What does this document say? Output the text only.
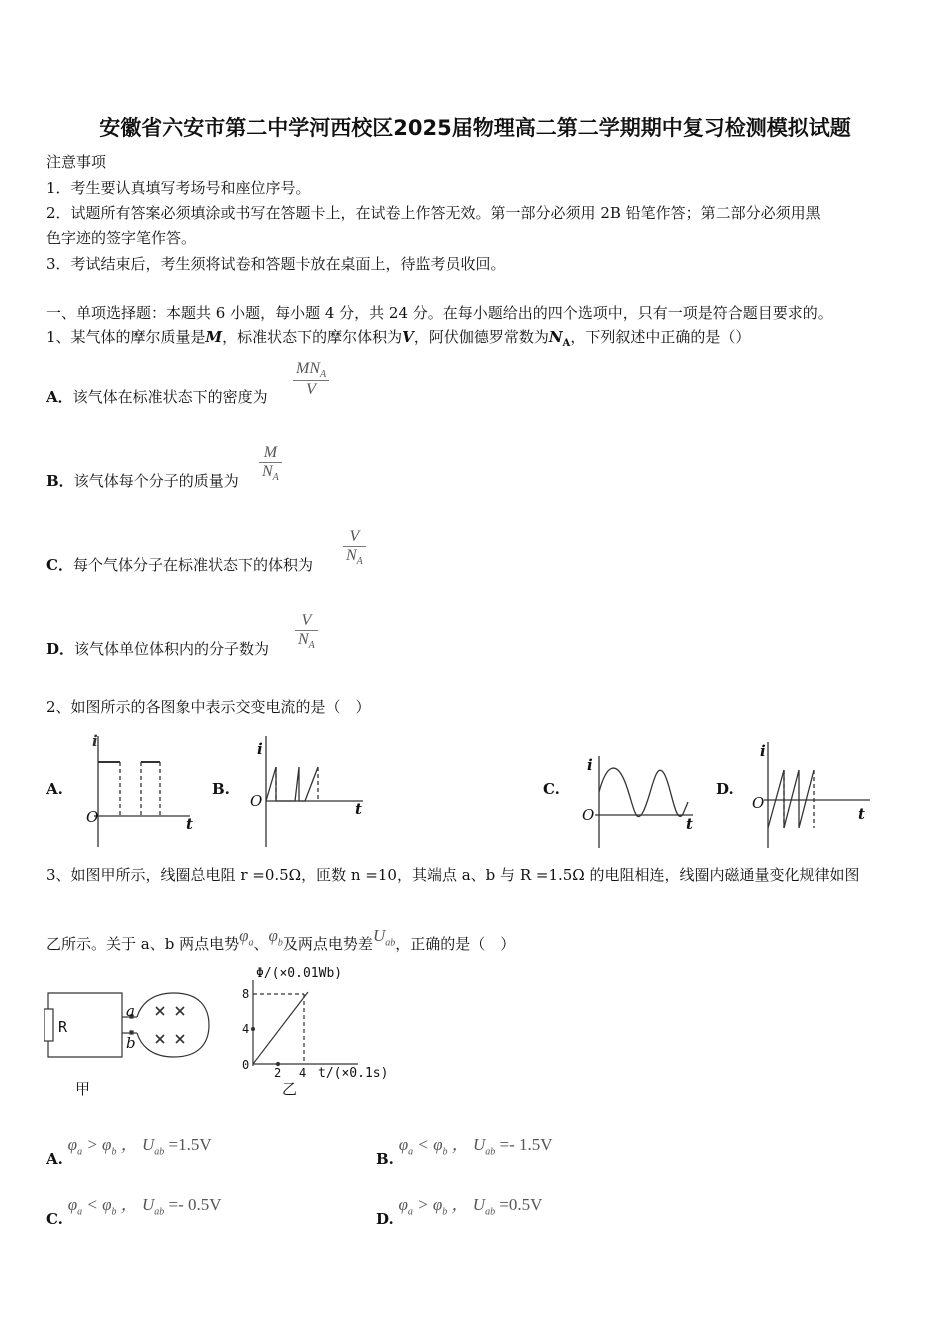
安徽省六安市第二中学河西校区2025届物理高二第二学期期中复习检测模拟试题
注意事项
1．考生要认真填写考场号和座位序号。
2．试题所有答案必须填涂或书写在答题卡上，在试卷上作答无效。第一部分必须用 2B 铅笔作答；第二部分必须用黑
色字迹的签字笔作答。
3．考试结束后，考生须将试卷和答题卡放在桌面上，待监考员收回。
一、单项选择题：本题共 6 小题，每小题 4 分，共 24 分。在每小题给出的四个选项中，只有一项是符合题目要求的。
1、某气体的摩尔质量是M，标准状态下的摩尔体积为V，阿伏伽德罗常数为$N_A$，下列叙述中正确的是（）
A．该气体在标准状态下的密度为
$MN_A$
V
B．该气体每个分子的质量为 $\frac{M}{N_A}$
C．每个气体分子在标准状态下的体积为 $\frac{V}{N_A}$
D．该气体单位体积内的分子数为 $\frac{V}{N_A}$
2、如图所示的各图象中表示交变电流的是（　）
A.	B.	C.	D.
i
O	t
i
O	t
i
O	t
i
O
t
3、如图甲所示，线圈总电阻 r =0.5Ω，匝数 n =10，其端点 a、b 与 R =1.5Ω 的电阻相连，线圈内磁通量变化规律如图
乙所示。关于 a、b 两点电势$\varphi_a$、$\varphi_b$及两点电势差$U_{ab}$，正确的是（　）
R
a
b
甲
Φ/(×0.01Wb)
8
4
0
2 4 t/(×0.1s)
乙
A. $\varphi_a > \varphi_b$ ， $U_{ab} =1.5V$
B. $\varphi_a < \varphi_b$ ， $U_{ab} =- 1.5V$
C. $\varphi_a < \varphi_b$ ， $U_{ab} =- 0.5V$
D. $\varphi_a > \varphi_b$ ， $U_{ab} =0.5V$
